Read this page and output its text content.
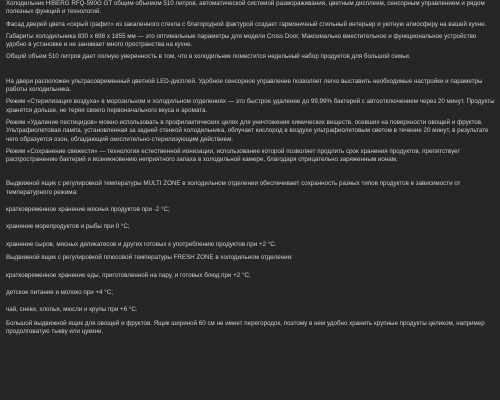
Холодильник HIBERG RFQ-590G GT общим объемом 510 литров, автоматической системой размораживания, цветным дисплеем, сенсорным управлением и рядом полезных функций и технологий.

Фасад дверей цвета «серый графит» из закаленного стекла с благородной фактурой создает гармоничный стильный интерьер и уютную атмосферу на вашей кухне.

Габариты холодильника 830 х 698 х 1855 мм — это оптимальные параметры для модели Cross Door. Максимально вместительное и функциональное устройство удобно в установке и не занимает много пространства на кухне.

Общий объем 510 литров дает полную уверенность в том, что в холодильник поместится недельный набор продуктов для большой семьи.

На двери расположен ультрасовременный цветной LED-дисплей. Удобное сенсорное управление позволяет легко выставить необходимые настройки и параметры работы холодильника.

Режим «Стерилизация воздуха» в морозильном и холодильном отделениях — это быстрое удаление до 99,99% бактерий с автоотключением через 20 минут. Продукты хранятся дольше, не теряя своего первоначального вкуса и аромата.

Режим «Удаление пестицидов» можно использовать в профилактических целях для уничтожения химических веществ, осевших на поверхности овощей и фруктов. Ультрафиолетовая лампа, установленная за задней стенкой холодильника, облучает кислород в воздухе ультрафиолетовым светом в течение 20 минут, в результате чего образуется озон, обладающий окислительно-стерилизующим действием.

Режим «Сохранение свежести» — технология естественной ионизации, использование которой позволяет продлить срок хранения продуктов, препятствует распространению бактерий и возникновению неприятного запаха в холодильной камере, благодаря отрицательно заряженным ионам.

Выдвижной ящик с регулировкой температуры MULTI ZONE в холодильном отделении обеспечивает сохранность разных типов продуктов в зависимости от температурного режима:

кратковременное хранение мясных продуктов при -2 °С;

хранение морепродуктов и рыбы при 0 °С;

хранение сыров, мясных деликатесов и других готовых к употреблению продуктов при +2 °С.

Выдвижной ящик с регулировкой плюсовой температуры FRESH ZONE в холодильном отделении:

кратковременное хранение еды, приготовленной на пару, и готовых блюд при +2 °С;

детское питание и молоко при +4 °С;

чай, снеки, хлопья, мюсли и крупы при +6 °С.

Большой выдвижной ящик для овощей и фруктов. Ящик шириной 60 см не имеет перегородок, поэтому в нем удобно хранить крупные продукты целиком, например продолговатую тыкву или цукини.
